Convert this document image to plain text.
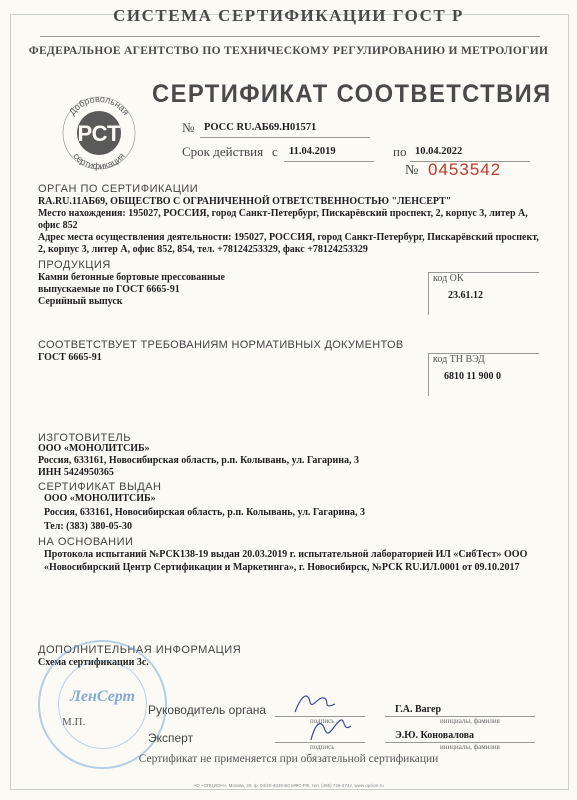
СИСТЕМА СЕРТИФИКАЦИИ ГОСТ Р
ФЕДЕРАЛЬНОЕ АГЕНТСТВО ПО ТЕХНИЧЕСКОМУ РЕГУЛИРОВАНИЮ И МЕТРОЛОГИИ
Добровольная
сертификация
РСТ
СЕРТИФИКАТ СООТВЕТСТВИЯ
№ РОСС RU.АБ69.Н01571
Срок действия с 11.04.2019	по 10.04.2022
№ 0453542
ОРГАН ПО СЕРТИФИКАЦИИ
RA.RU.11АБ69, ОБЩЕСТВО С ОГРАНИЧЕННОЙ ОТВЕТСТВЕННОСТЬЮ "ЛЕНСЕРТ"
Место нахождения: 195027, РОССИЯ, город Санкт-Петербург, Пискарёвский проспект, 2, корпус 3, литер А,
офис 852
Адрес места осуществления деятельности: 195027, РОССИЯ, город Санкт-Петербург, Пискарёвский проспект,
2, корпус 3, литер А, офис 852, 854, тел. +78124253329, факс +78124253329
ПРОДУКЦИЯ
Камни бетонные бортовые прессованные
выпускаемые по ГОСТ 6665-91
Серийный выпуск
код ОК
23.61.12
СООТВЕТСТВУЕТ ТРЕБОВАНИЯМ НОРМАТИВНЫХ ДОКУМЕНТОВ
ГОСТ 6665-91	код ТН ВЭД
6810 11 900 0
ИЗГОТОВИТЕЛЬ
ООО «МОНОЛИТСИБ»
Россия, 633161, Новосибирская область, р.п. Колывань, ул. Гагарина, 3
ИНН 5424950365
СЕРТИФИКАТ ВЫДАН
ООО «МОНОЛИТСИБ»
Россия, 633161, Новосибирская область, р.п. Колывань, ул. Гагарина, 3
Тел: (383) 380-05-30
НА ОСНОВАНИИ
Протокола испытаний №РСК138-19 выдан 20.03.2019 г. испытательной лабораторией ИЛ «СибТест» ООО
«Новосибирский Центр Сертификации и Маркетинга», г. Новосибирск, №РСК RU.ИЛ.0001 от 09.10.2017
ДОПОЛНИТЕЛЬНАЯ ИНФОРМАЦИЯ
Схема сертификации 3с.
ЛенСерт
М.П.
Руководитель органа
подпись
Г.А. Вагер
инициалы, фамилия
Эксперт
подпись
Э.Ю. Коновалова
инициалы, фамилия
Сертификат не применяется при обязательной сертификации
АО «ОПЦИОН», Москва, 20, ф. 04/20-4049-Б0 МФС РФ, тел. (495) 726-4742, www.opcion.ru
